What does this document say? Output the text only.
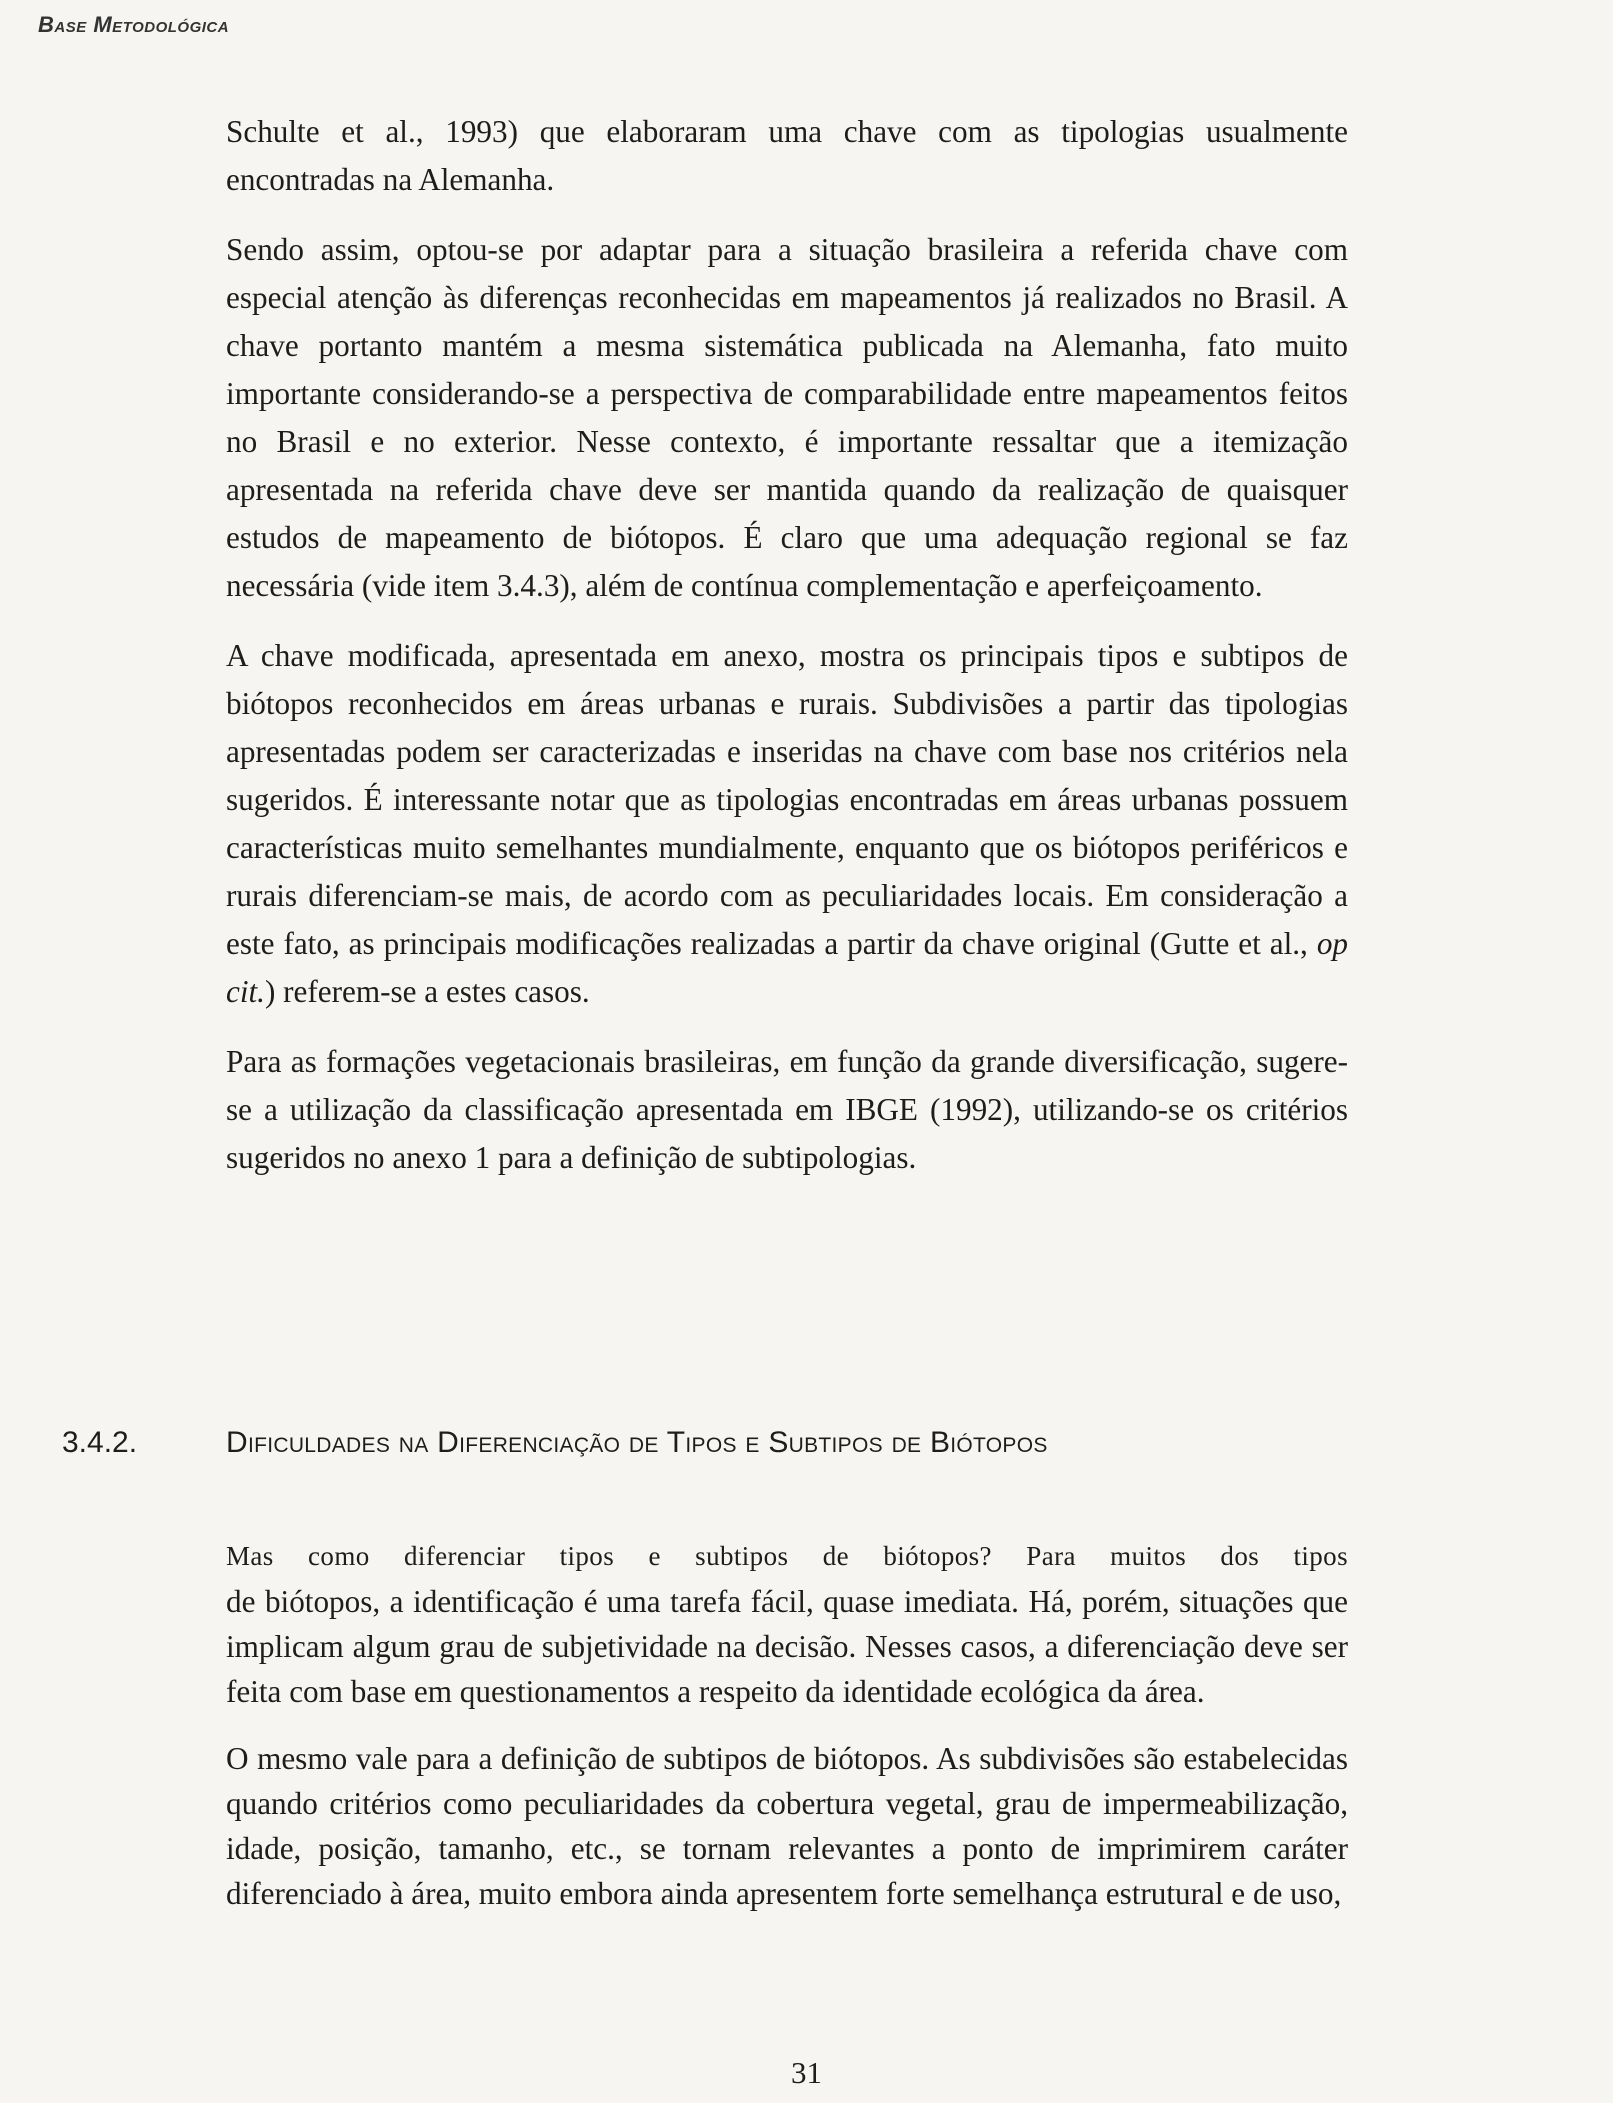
Base Metodológica

Schulte et al., 1993) que elaboraram uma chave com as tipologias usualmente encontradas na Alemanha.

Sendo assim, optou-se por adaptar para a situação brasileira a referida chave com especial atenção às diferenças reconhecidas em mapeamentos já realizados no Brasil. A chave portanto mantém a mesma sistemática publicada na Alemanha, fato muito importante considerando-se a perspectiva de comparabilidade entre mapeamentos feitos no Brasil e no exterior. Nesse contexto, é importante ressaltar que a itemização apresentada na referida chave deve ser mantida quando da realização de quaisquer estudos de mapeamento de biótopos. É claro que uma adequação regional se faz necessária (vide item 3.4.3), além de contínua complementação e aperfeiçoamento.

A chave modificada, apresentada em anexo, mostra os principais tipos e subtipos de biótopos reconhecidos em áreas urbanas e rurais. Subdivisões a partir das tipologias apresentadas podem ser caracterizadas e inseridas na chave com base nos critérios nela sugeridos. É interessante notar que as tipologias encontradas em áreas urbanas possuem características muito semelhantes mundialmente, enquanto que os biótopos periféricos e rurais diferenciam-se mais, de acordo com as peculiaridades locais. Em consideração a este fato, as principais modificações realizadas a partir da chave original (Gutte et al., op cit.) referem-se a estes casos.

Para as formações vegetacionais brasileiras, em função da grande diversificação, sugere-se a utilização da classificação apresentada em IBGE (1992), utilizando-se os critérios sugeridos no anexo 1 para a definição de subtipologias.

3.4.2.	Dificuldades na Diferenciação de Tipos e Subtipos de Biótopos

Mas como diferenciar tipos e subtipos de biótopos? Para muitos dos tipos
de biótopos, a identificação é uma tarefa fácil, quase imediata. Há, porém, situações que implicam algum grau de subjetividade na decisão. Nesses casos, a diferenciação deve ser feita com base em questionamentos a respeito da identidade ecológica da área.

O mesmo vale para a definição de subtipos de biótopos. As subdivisões são estabelecidas quando critérios como peculiaridades da cobertura vegetal, grau de impermeabilização, idade, posição, tamanho, etc., se tornam relevantes a ponto de imprimirem caráter diferenciado à área, muito embora ainda apresentem forte semelhança estrutural e de uso,

31
